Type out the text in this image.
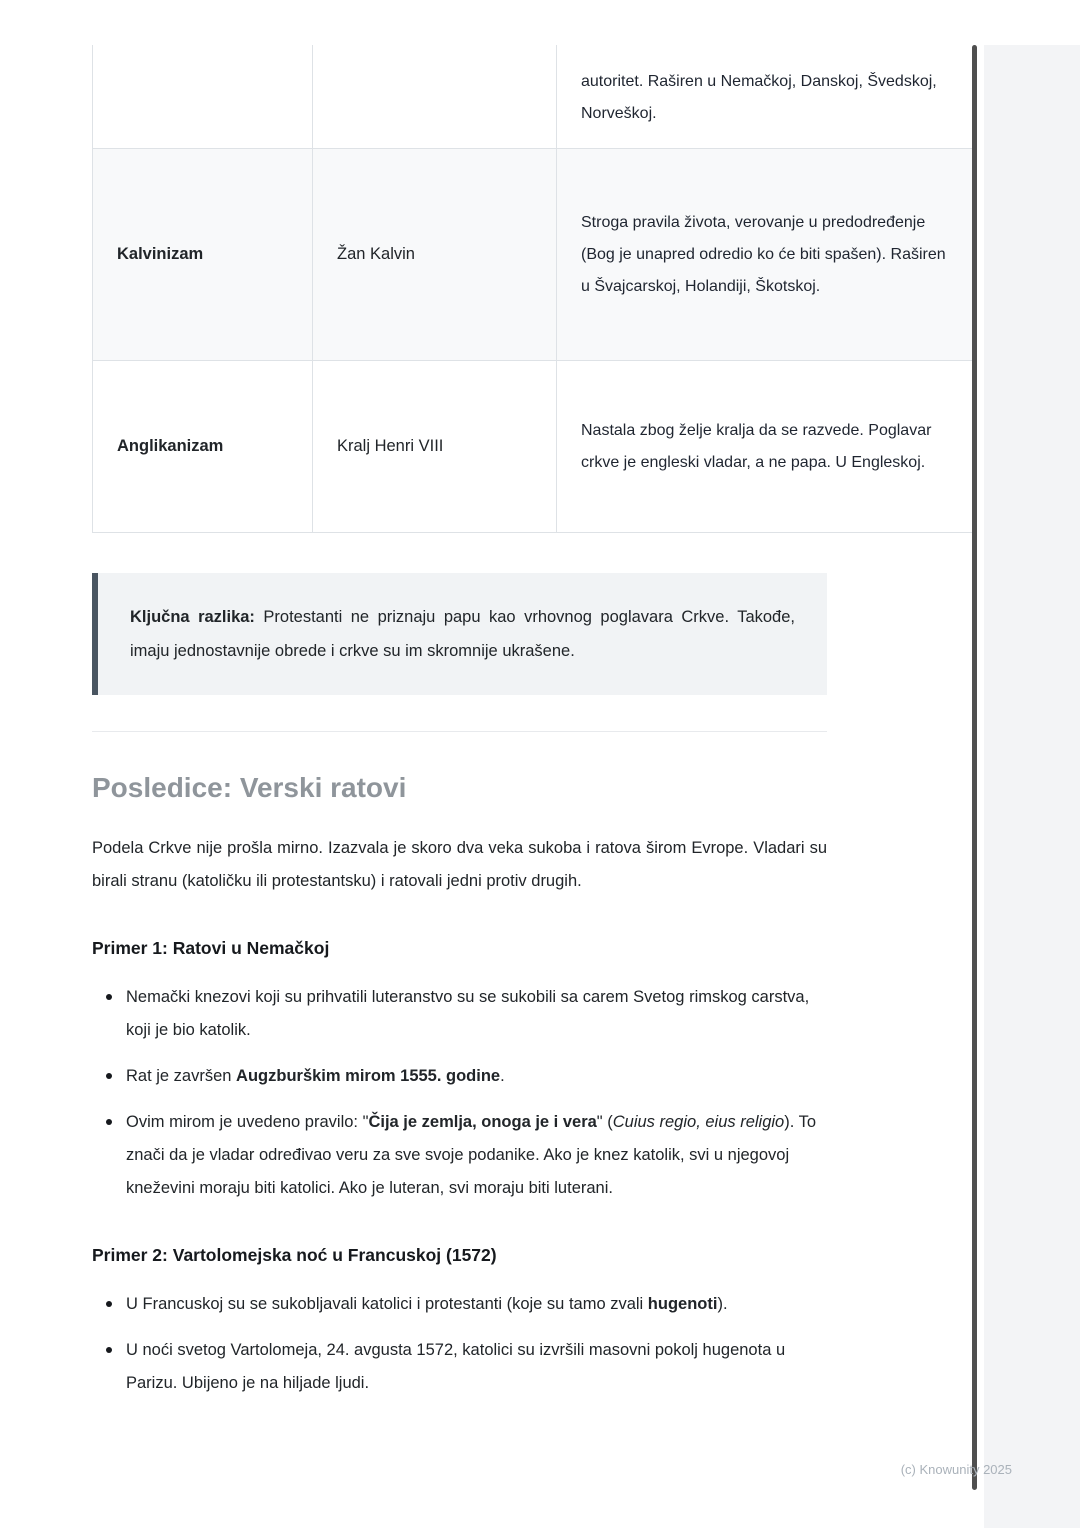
		autoritet. Raširen u Nemačkoj, Danskoj, Švedskoj, Norveškoj.
Kalvinizam	Žan Kalvin	Stroga pravila života, verovanje u predodređenje (Bog je unapred odredio ko će biti spašen). Raširen u Švajcarskoj, Holandiji, Škotskoj.
Anglikanizam	Kralj Henri VIII	Nastala zbog želje kralja da se razvede. Poglavar crkve je engleski vladar, a ne papa. U Engleskoj.
Ključna razlika: Protestanti ne priznaju papu kao vrhovnog poglavara Crkve. Takođe, imaju jednostavnije obrede i crkve su im skromnije ukrašene.
Posledice: Verski ratovi

Podela Crkve nije prošla mirno. Izazvala je skoro dva veka sukoba i ratova širom Evrope. Vladari su birali stranu (katoličku ili protestantsku) i ratovali jedni protiv drugih.

Primer 1: Ratovi u Nemačkoj
Nemački knezovi koji su prihvatili luteranstvo su se sukobili sa carem Svetog rimskog carstva, koji je bio katolik.
Rat je završen Augzburškim mirom 1555. godine.
Ovim mirom je uvedeno pravilo: "Čija je zemlja, onoga je i vera" (Cuius regio, eius religio). To znači da je vladar određivao veru za sve svoje podanike. Ako je knez katolik, svi u njegovoj kneževini moraju biti katolici. Ako je luteran, svi moraju biti luterani.
Primer 2: Vartolomejska noć u Francuskoj (1572)
U Francuskoj su se sukobljavali katolici i protestanti (koje su tamo zvali hugenoti).
U noći svetog Vartolomeja, 24. avgusta 1572, katolici su izvršili masovni pokolj hugenota u Parizu. Ubijeno je na hiljade ljudi.
(c) Knowunity 2025
